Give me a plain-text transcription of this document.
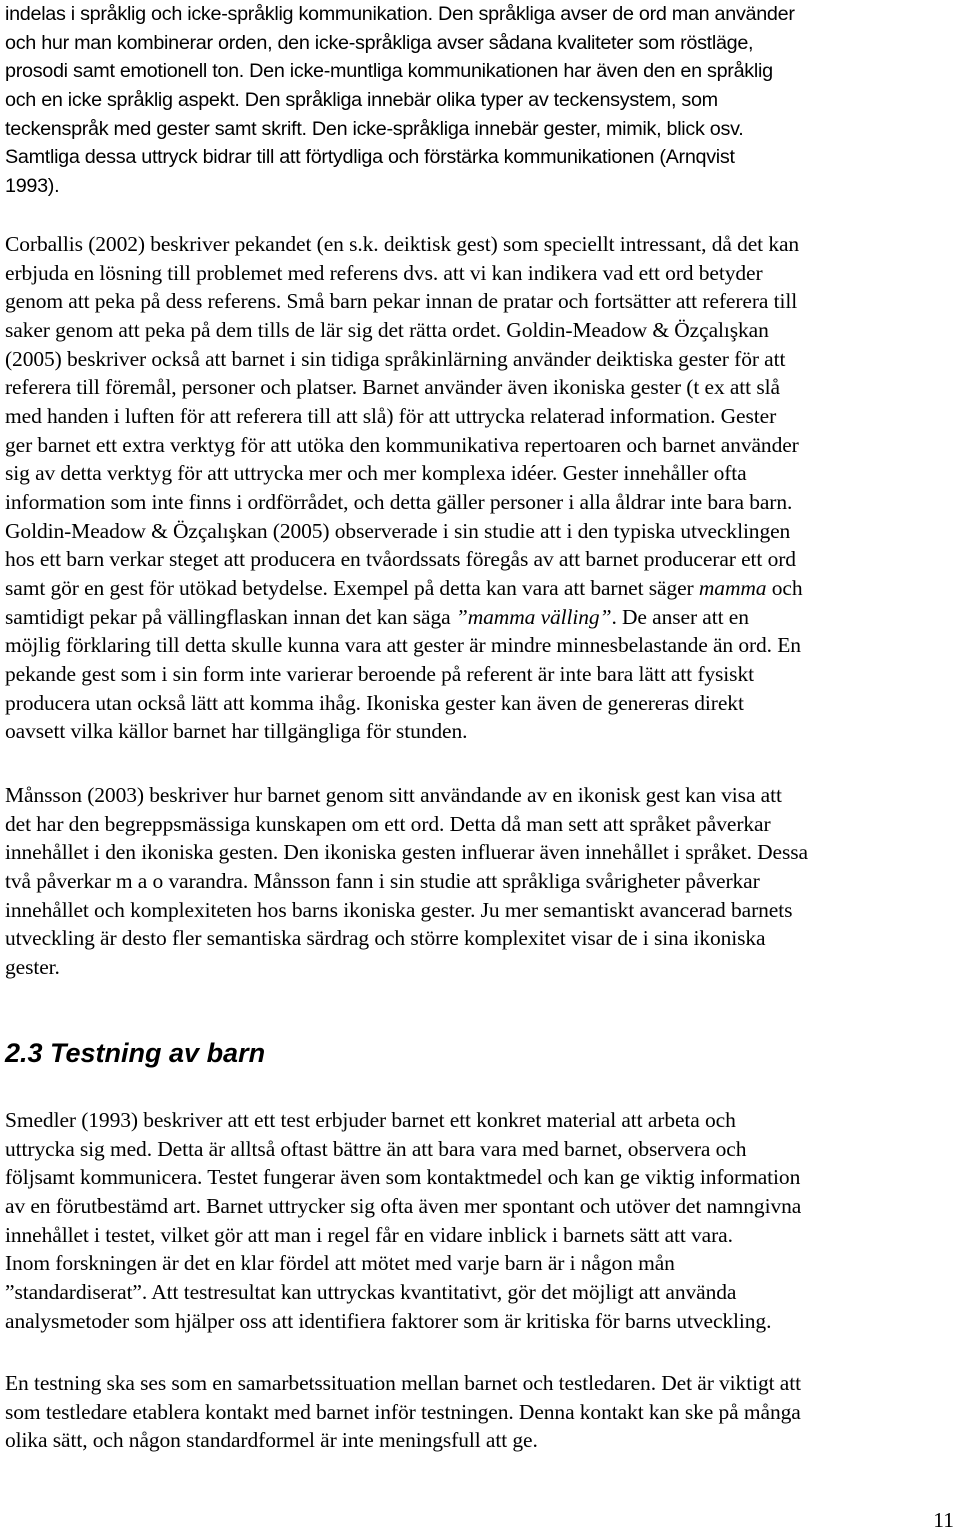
indelas i språklig och icke-språklig kommunikation. Den språkliga avser de ord man använder
och hur man kombinerar orden, den icke-språkliga avser sådana kvaliteter som röstläge,
prosodi samt emotionell ton. Den icke-muntliga kommunikationen har även den en språklig
och en icke språklig aspekt. Den språkliga innebär olika typer av teckensystem, som
teckenspråk med gester samt skrift. Den icke-språkliga innebär gester, mimik, blick osv.
Samtliga dessa uttryck bidrar till att förtydliga och förstärka kommunikationen (Arnqvist
1993).
Corballis (2002) beskriver pekandet (en s.k. deiktisk gest) som speciellt intressant, då det kan
erbjuda en lösning till problemet med referens dvs. att vi kan indikera vad ett ord betyder
genom att peka på dess referens. Små barn pekar innan de pratar och fortsätter att referera till
saker genom att peka på dem tills de lär sig det rätta ordet. Goldin-Meadow & Özçalışkan
(2005) beskriver också att barnet i sin tidiga språkinlärning använder deiktiska gester för att
referera till föremål, personer och platser. Barnet använder även ikoniska gester (t ex att slå
med handen i luften för att referera till att slå) för att uttrycka relaterad information. Gester
ger barnet ett extra verktyg för att utöka den kommunikativa repertoaren och barnet använder
sig av detta verktyg för att uttrycka mer och mer komplexa idéer. Gester innehåller ofta
information som inte finns i ordförrådet, och detta gäller personer i alla åldrar inte bara barn.
Goldin-Meadow & Özçalışkan (2005) observerade i sin studie att i den typiska utvecklingen
hos ett barn verkar steget att producera en tvåordssats föregås av att barnet producerar ett ord
samt gör en gest för utökad betydelse. Exempel på detta kan vara att barnet säger mamma och
samtidigt pekar på vällingflaskan innan det kan säga ”mamma välling”. De anser att en
möjlig förklaring till detta skulle kunna vara att gester är mindre minnesbelastande än ord. En
pekande gest som i sin form inte varierar beroende på referent är inte bara lätt att fysiskt
producera utan också lätt att komma ihåg. Ikoniska gester kan även de genereras direkt
oavsett vilka källor barnet har tillgängliga för stunden.
Månsson (2003) beskriver hur barnet genom sitt användande av en ikonisk gest kan visa att
det har den begreppsmässiga kunskapen om ett ord. Detta då man sett att språket påverkar
innehållet i den ikoniska gesten. Den ikoniska gesten influerar även innehållet i språket. Dessa
två påverkar m a o varandra. Månsson fann i sin studie att språkliga svårigheter påverkar
innehållet och komplexiteten hos barns ikoniska gester. Ju mer semantiskt avancerad barnets
utveckling är desto fler semantiska särdrag och större komplexitet visar de i sina ikoniska
gester.
2.3 Testning av barn
Smedler (1993) beskriver att ett test erbjuder barnet ett konkret material att arbeta och
uttrycka sig med. Detta är alltså oftast bättre än att bara vara med barnet, observera och
följsamt kommunicera. Testet fungerar även som kontaktmedel och kan ge viktig information
av en förutbestämd art. Barnet uttrycker sig ofta även mer spontant och utöver det namngivna
innehållet i testet, vilket gör att man i regel får en vidare inblick i barnets sätt att vara.
Inom forskningen är det en klar fördel att mötet med varje barn är i någon mån
”standardiserat”. Att testresultat kan uttryckas kvantitativt, gör det möjligt att använda
analysmetoder som hjälper oss att identifiera faktorer som är kritiska för barns utveckling.
En testning ska ses som en samarbetssituation mellan barnet och testledaren. Det är viktigt att
som testledare etablera kontakt med barnet inför testningen. Denna kontakt kan ske på många
olika sätt, och någon standardformel är inte meningsfull att ge.
11
